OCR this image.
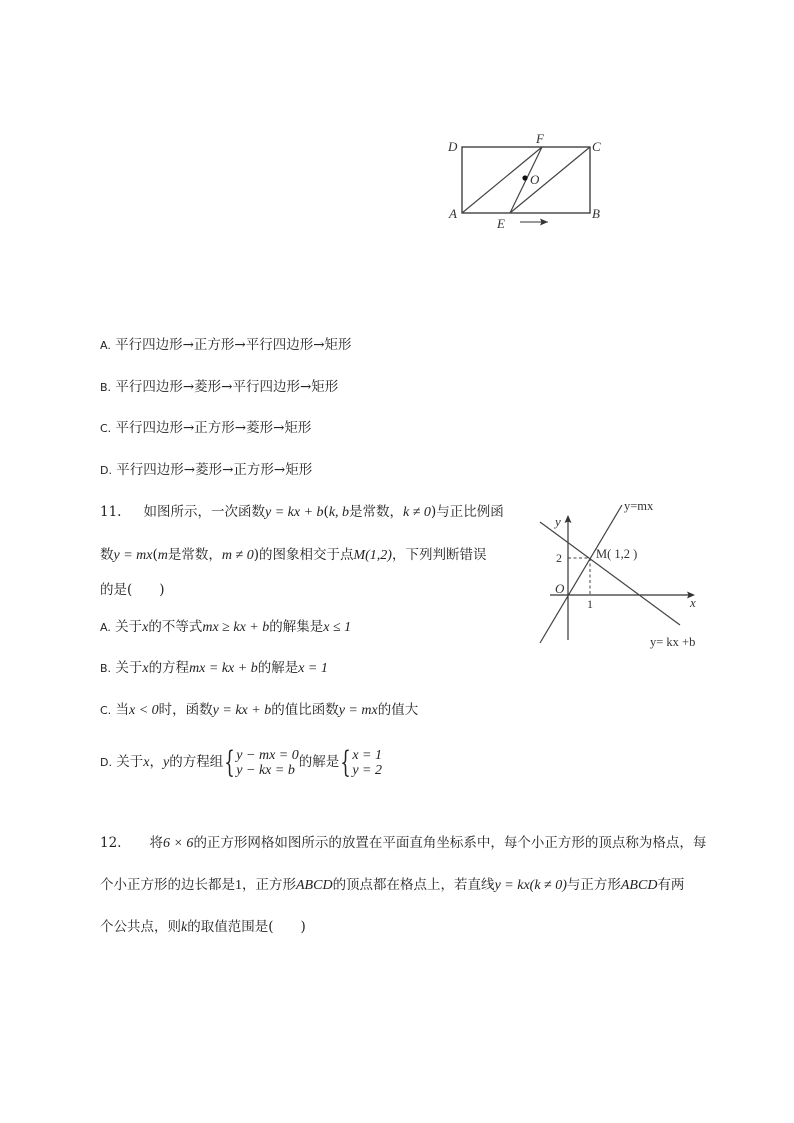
D
F
C
O
A
E
B
A. 平行四边形→正方形→平行四边形→矩形
B. 平行四边形→菱形→平行四边形→矩形
C. 平行四边形→正方形→菱形→矩形
D. 平行四边形→菱形→正方形→矩形
11. 如图所示，一次函数y = kx + b(k, b是常数，k ≠ 0)与正比例函
数y = mx(m是常数，m ≠ 0)的图象相交于点M(1,2)，下列判断错误
的是(　　)
y
x
O
2
1
M( 1,2 )
y=mx
y= kx +b
A. 关于x的不等式mx ≥ kx + b的解集是x ≤ 1
B. 关于x的方程mx = kx + b的解是x = 1
C. 当x < 0时，函数y = kx + b的值比函数y = mx的值大
D. 关于x，y的方程组{y − mx = 0
y − kx = b的解是{x = 1
y = 2
12. 将6 × 6的正方形网格如图所示的放置在平面直角坐标系中，每个小正方形的顶点称为格点，每
个小正方形的边长都是1，正方形ABCD的顶点都在格点上，若直线y = kx(k ≠ 0)与正方形ABCD有两
个公共点，则k的取值范围是(　　)
